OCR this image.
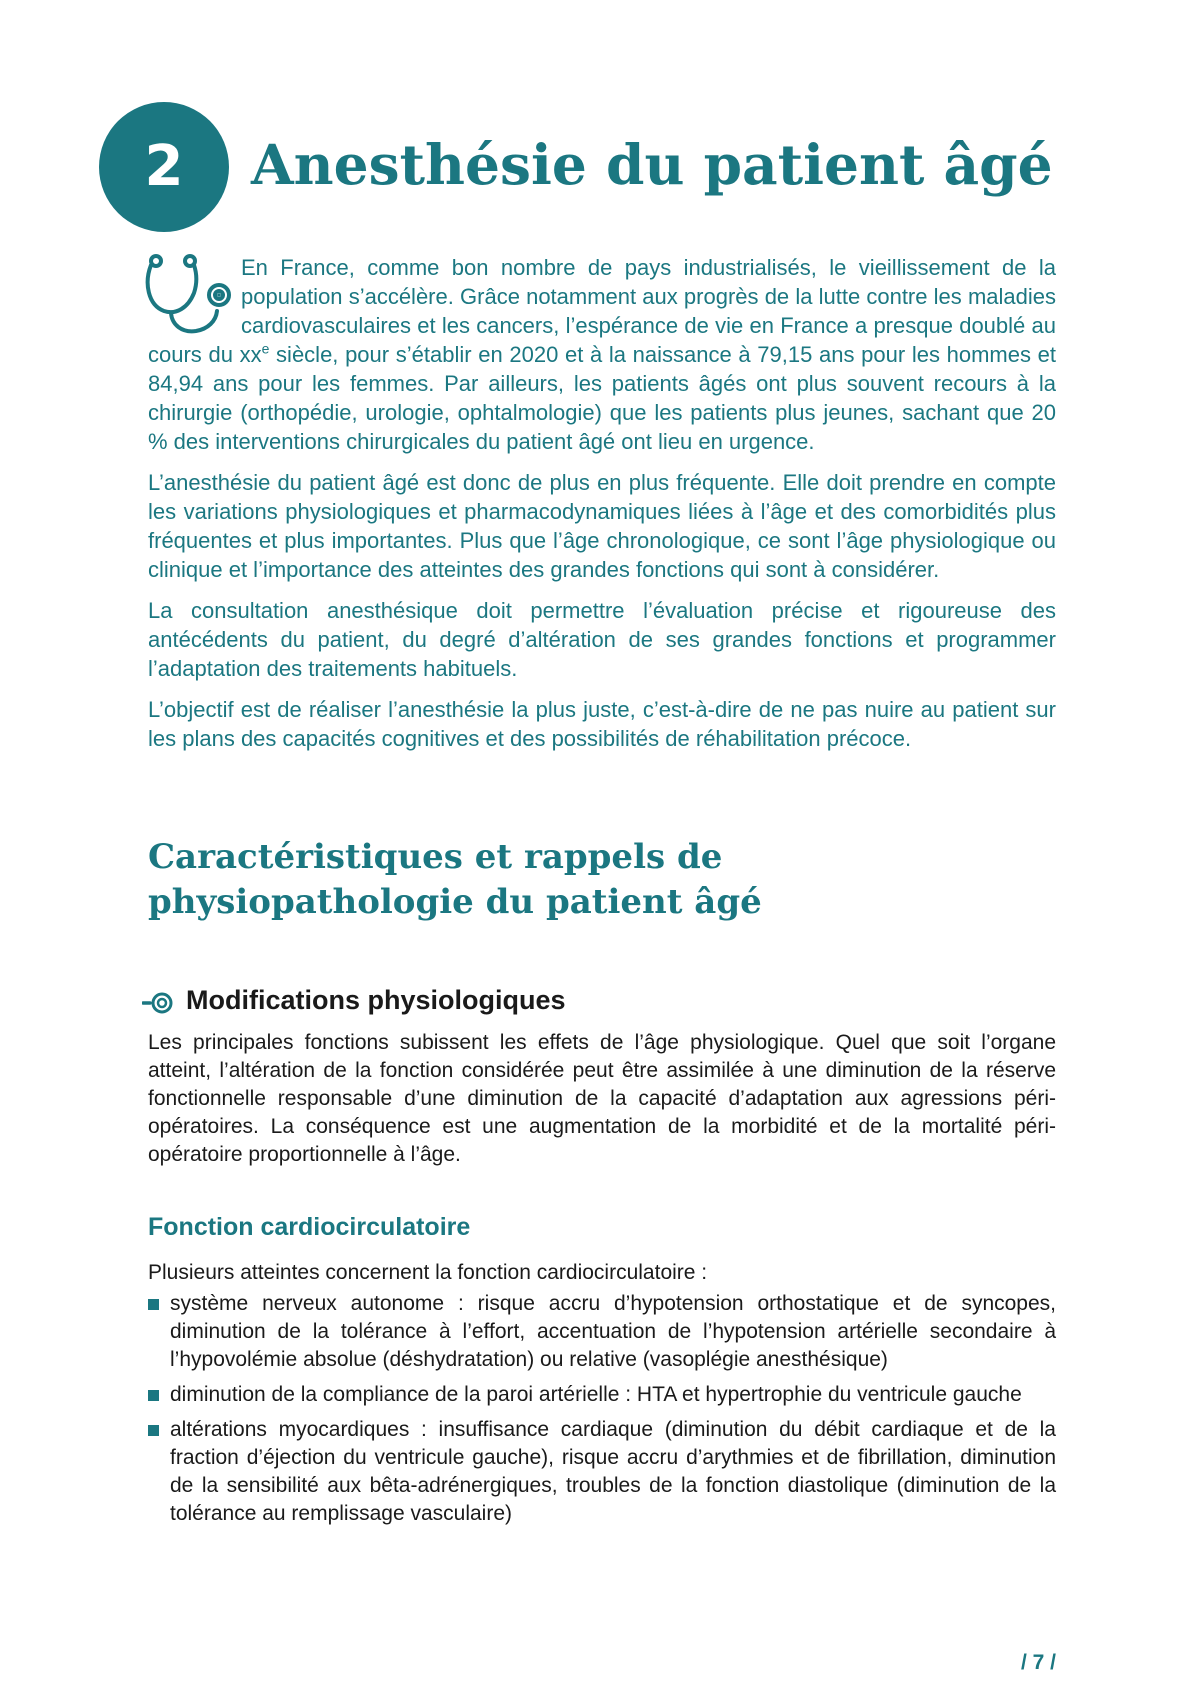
2	Anesthésie du patient âgé

En France, comme bon nombre de pays industrialisés, le vieillissement de la population s’accélère. Grâce notamment aux progrès de la lutte contre les maladies cardiovasculaires et les cancers, l’espérance de vie en France a presque doublé au cours du $xx^e$ siècle, pour s’établir en 2020 et à la naissance à 79,15 ans pour les hommes et 84,94 ans pour les femmes. Par ailleurs, les patients âgés ont plus souvent recours à la chirurgie (orthopédie, urologie, ophtalmologie) que les patients plus jeunes, sachant que 20 % des interventions chirurgicales du patient âgé ont lieu en urgence.

L’anesthésie du patient âgé est donc de plus en plus fréquente. Elle doit prendre en compte les variations physiologiques et pharmacodynamiques liées à l’âge et des comorbidités plus fréquentes et plus importantes. Plus que l’âge chronologique, ce sont l’âge physiologique ou clinique et l’importance des atteintes des grandes fonctions qui sont à considérer.

La consultation anesthésique doit permettre l’évaluation précise et rigoureuse des antécédents du patient, du degré d’altération de ses grandes fonctions et programmer l’adaptation des traitements habituels.

L’objectif est de réaliser l’anesthésie la plus juste, c’est-à-dire de ne pas nuire au patient sur les plans des capacités cognitives et des possibilités de réhabilitation précoce.

Caractéristiques et rappels de physiopathologie du patient âgé
Modifications physiologiques

Les principales fonctions subissent les effets de l’âge physiologique. Quel que soit l’organe atteint, l’altération de la fonction considérée peut être assimilée à une diminution de la réserve fonctionnelle responsable d’une diminution de la capacité d’adaptation aux agressions péri-opératoires. La conséquence est une augmentation de la morbidité et de la mortalité péri-opératoire proportionnelle à l’âge.

Fonction cardiocirculatoire

Plusieurs atteintes concernent la fonction cardiocirculatoire :

système nerveux autonome : risque accru d’hypotension orthostatique et de syncopes, diminution de la tolérance à l’effort, accentuation de l’hypotension artérielle secondaire à l’hypovolémie absolue (déshydratation) ou relative (vasoplégie anesthésique)
diminution de la compliance de la paroi artérielle : HTA et hypertrophie du ventricule gauche
altérations myocardiques : insuffisance cardiaque (diminution du débit cardiaque et de la fraction d’éjection du ventricule gauche), risque accru d’arythmies et de fibrillation, diminution de la sensibilité aux bêta-adrénergiques, troubles de la fonction diastolique (diminution de la tolérance au remplissage vasculaire)
/ 7 /
